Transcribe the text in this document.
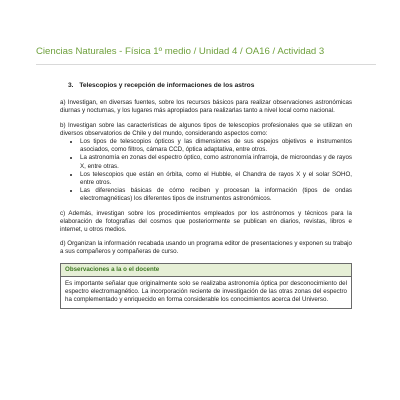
Ciencias Naturales - Física 1º medio / Unidad 4 / OA16 / Actividad 3
3. Telescopios y recepción de informaciones de los astros

a) Investigan, en diversas fuentes, sobre los recursos básicos para realizar observaciones astronómicas diurnas y nocturnas, y los lugares más apropiados para realizarlas tanto a nivel local como nacional.

b) Investigan sobre las características de algunos tipos de telescopios profesionales que se utilizan en diversos observatorios de Chile y del mundo, considerando aspectos como:

• Los tipos de telescopios ópticos y las dimensiones de sus espejos objetivos e instrumentos asociados, como filtros, cámara CCD, óptica adaptativa, entre otros.
• La astronomía en zonas del espectro óptico, como astronomía infrarroja, de microondas y de rayos X, entre otras.
• Los telescopios que están en órbita, como el Hubble, el Chandra de rayos X y el solar SOHO, entre otros.
• Las diferencias básicas de cómo reciben y procesan la información (tipos de ondas electromagnéticas) los diferentes tipos de instrumentos astronómicos.

c) Además, investigan sobre los procedimientos empleados por los astrónomos y técnicos para la elaboración de fotografías del cosmos que posteriormente se publican en diarios, revistas, libros e internet, u otros medios.

d) Organizan la información recabada usando un programa editor de presentaciones y exponen su trabajo a sus compañeros y compañeras de curso.

Observaciones a la o el docente
Es importante señalar que originalmente solo se realizaba astronomía óptica por desconocimiento del espectro electromagnético. La incorporación reciente de investigación de las otras zonas del espectro ha complementado y enriquecido en forma considerable los conocimientos acerca del Universo.
